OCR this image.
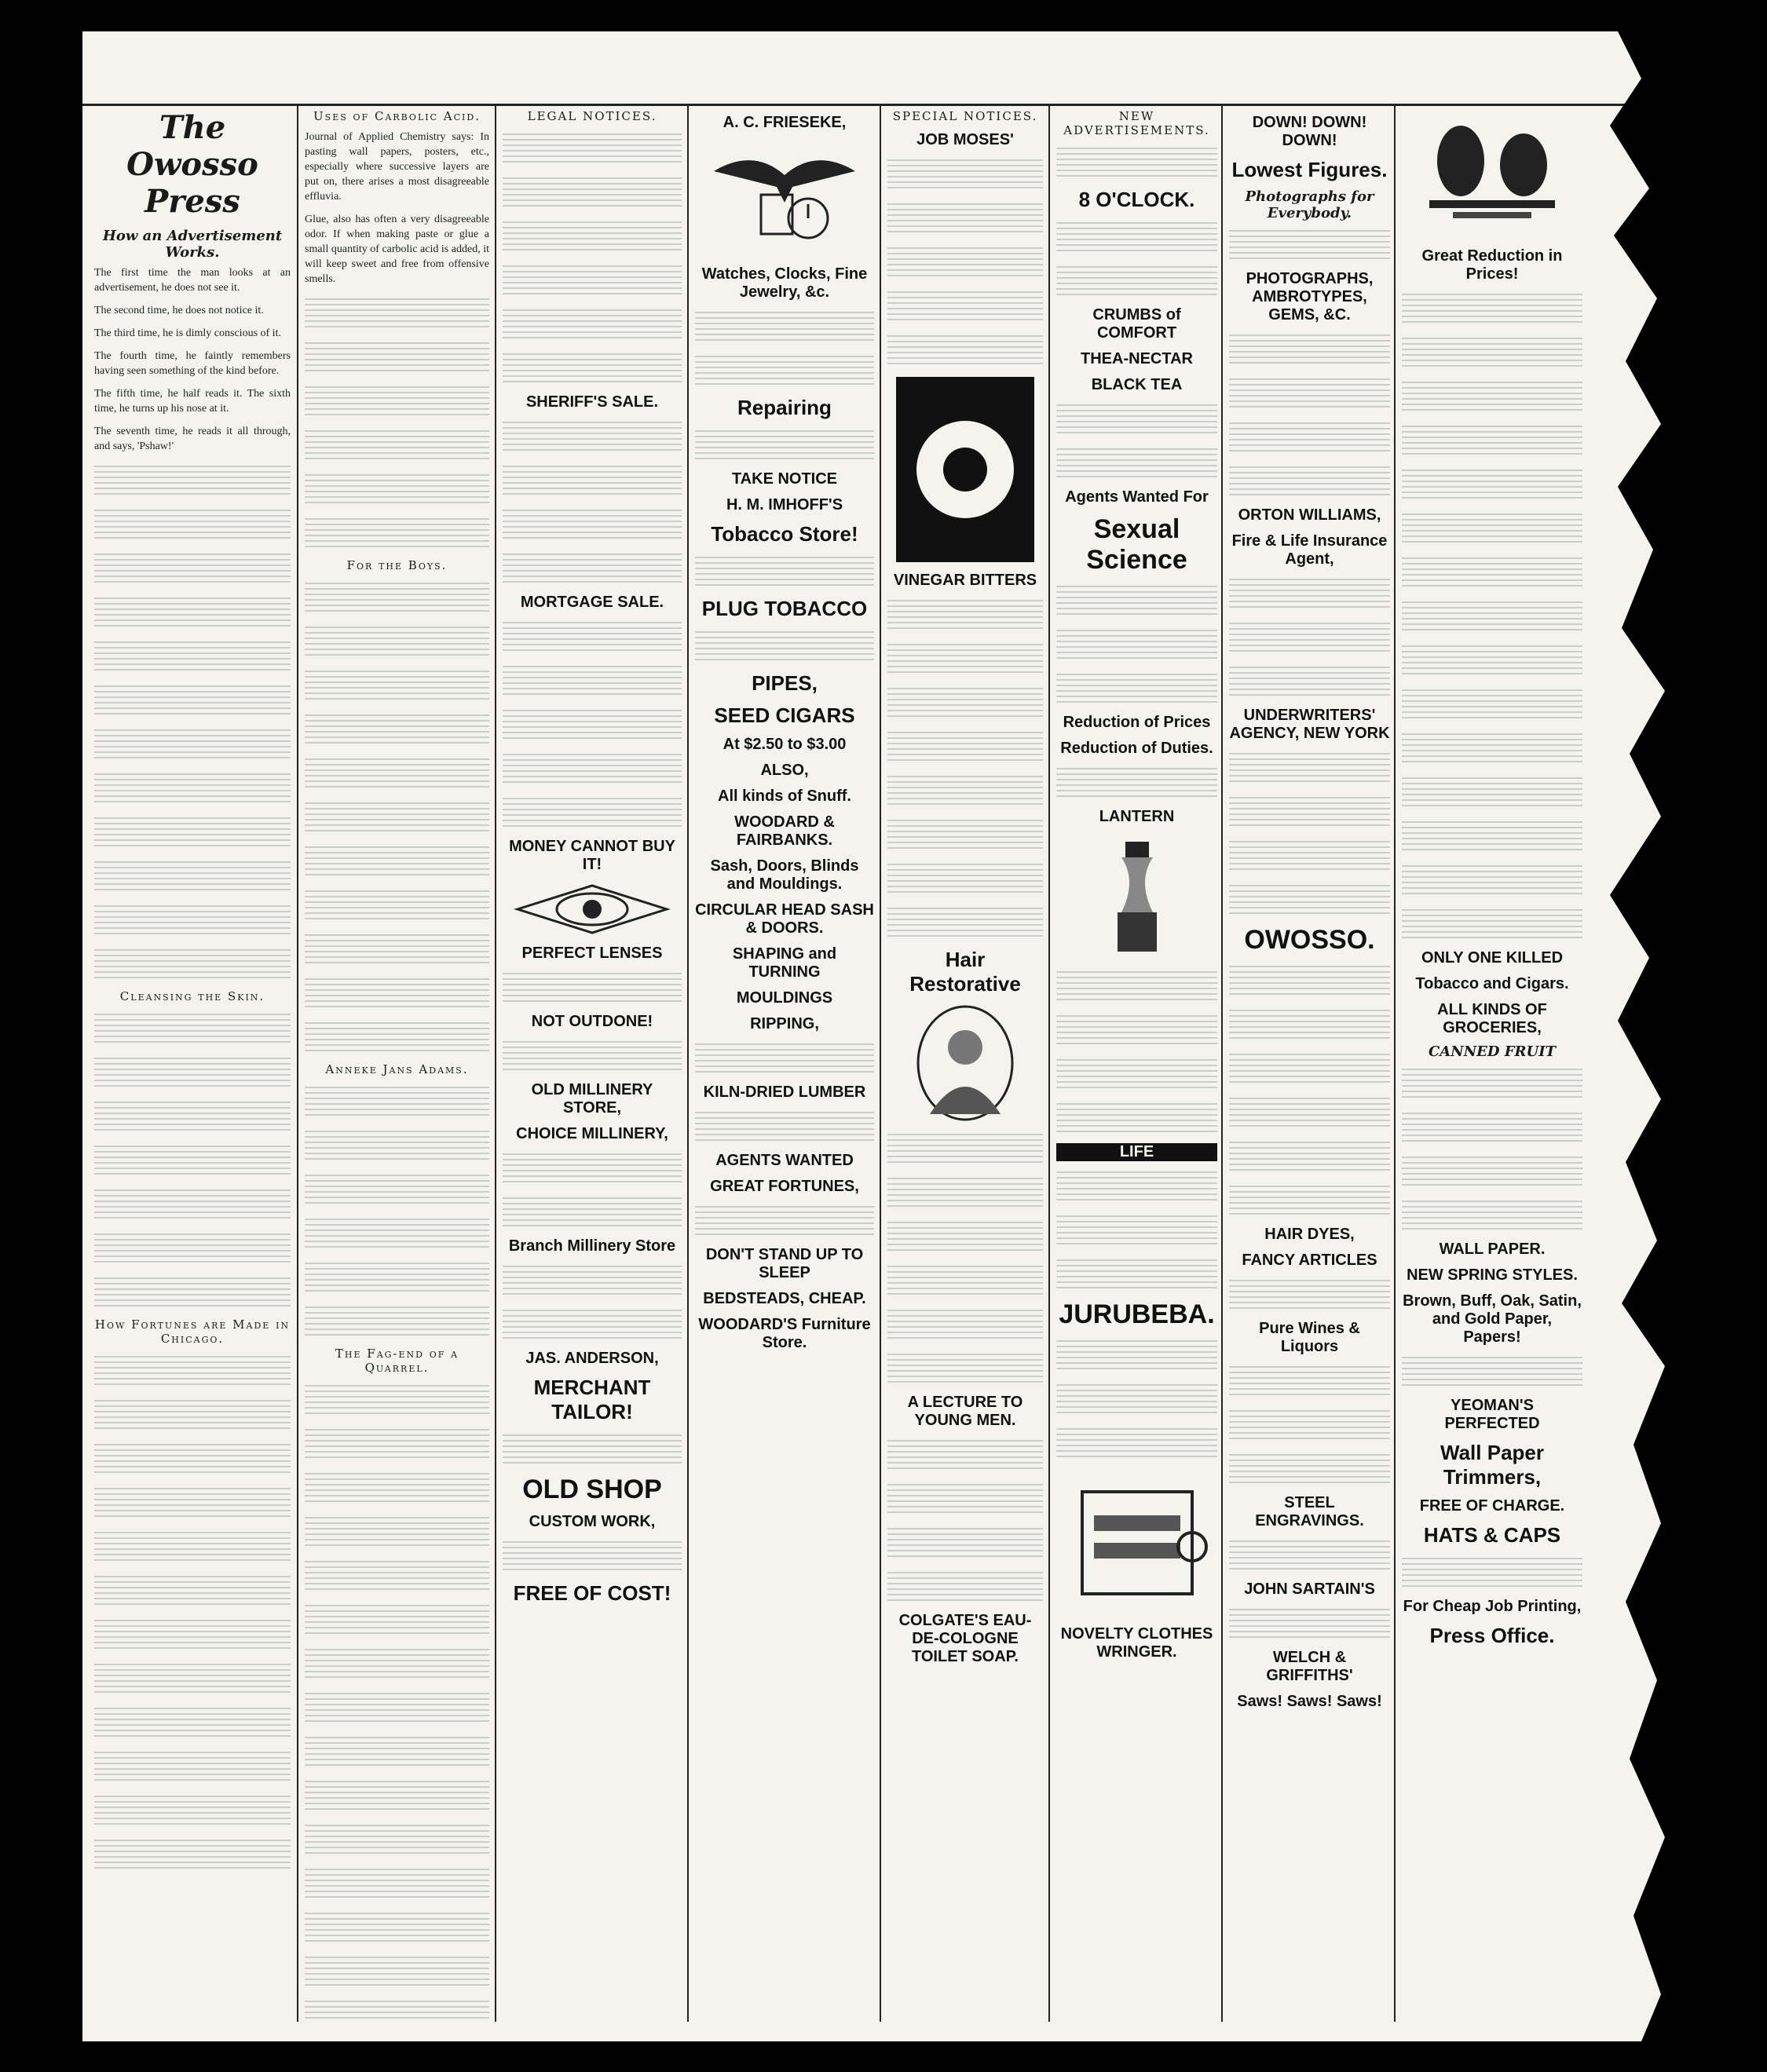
The Owosso Press
How an Advertisement Works.

The first time the man looks at an advertisement, he does not see it.

The second time, he does not notice it.

The third time, he is dimly conscious of it.

The fourth time, he faintly remembers having seen something of the kind before.

The fifth time, he half reads it. The sixth time, he turns up his nose at it.

The seventh time, he reads it all through, and says, 'Pshaw!'

Cleansing the Skin.
How Fortunes are Made in Chicago.
Uses of Carbolic Acid.

Journal of Applied Chemistry says: In pasting wall papers, posters, etc., especially where successive layers are put on, there arises a most disagreeable effluvia.

Glue, also has often a very disagreeable odor. If when making paste or glue a small quantity of carbolic acid is added, it will keep sweet and free from offensive smells.

For the Boys.
Anneke Jans Adams.
The Fag-end of a Quarrel.
LEGAL NOTICES.
SHERIFF'S SALE.
MORTGAGE SALE.
MONEY CANNOT BUY IT!
PERFECT LENSES
NOT OUTDONE!
OLD MILLINERY STORE,
CHOICE MILLINERY,
Branch Millinery Store
JAS. ANDERSON,
MERCHANT TAILOR!
OLD SHOP
CUSTOM WORK,
FREE OF COST!
A. C. FRIESEKE,
Watches, Clocks, Fine Jewelry, &c.
Repairing
TAKE NOTICE
H. M. IMHOFF'S
Tobacco Store!
PLUG TOBACCO
PIPES,
SEED CIGARS
At $2.50 to $3.00
ALSO,
All kinds of Snuff.
WOODARD & FAIRBANKS.
Sash, Doors, Blinds and Mouldings.
CIRCULAR HEAD SASH & DOORS.
SHAPING and TURNING
MOULDINGS
RIPPING,
KILN-DRIED LUMBER
AGENTS WANTED
GREAT FORTUNES,
DON'T STAND UP TO SLEEP
BEDSTEADS, CHEAP.
WOODARD'S Furniture Store.
SPECIAL NOTICES.
JOB MOSES'
VINEGAR BITTERS
Hair Restorative
A LECTURE TO YOUNG MEN.
COLGATE'S EAU-DE-COLOGNE TOILET SOAP.
NEW ADVERTISEMENTS.
8 O'CLOCK.
CRUMBS of COMFORT
THEA-NECTAR
BLACK TEA
Agents Wanted For
Sexual Science
Reduction of Prices
Reduction of Duties.
LANTERN
LIFE
JURUBEBA.
NOVELTY CLOTHES WRINGER.
DOWN! DOWN! DOWN!
Lowest Figures.
Photographs for Everybody.
PHOTOGRAPHS, AMBROTYPES, GEMS, &C.
ORTON WILLIAMS,
Fire & Life Insurance Agent,
UNDERWRITERS' AGENCY, NEW YORK
OWOSSO.
HAIR DYES,
FANCY ARTICLES
Pure Wines & Liquors
STEEL ENGRAVINGS.
JOHN SARTAIN'S
WELCH & GRIFFITHS'
Saws! Saws! Saws!
Great Reduction in Prices!
ONLY ONE KILLED
Tobacco and Cigars.
ALL KINDS OF GROCERIES,
CANNED FRUIT
WALL PAPER.
NEW SPRING STYLES.
Brown, Buff, Oak, Satin, and Gold Paper, Papers!
YEOMAN'S PERFECTED
Wall Paper Trimmers,
FREE OF CHARGE.
HATS & CAPS
For Cheap Job Printing,
Press Office.
